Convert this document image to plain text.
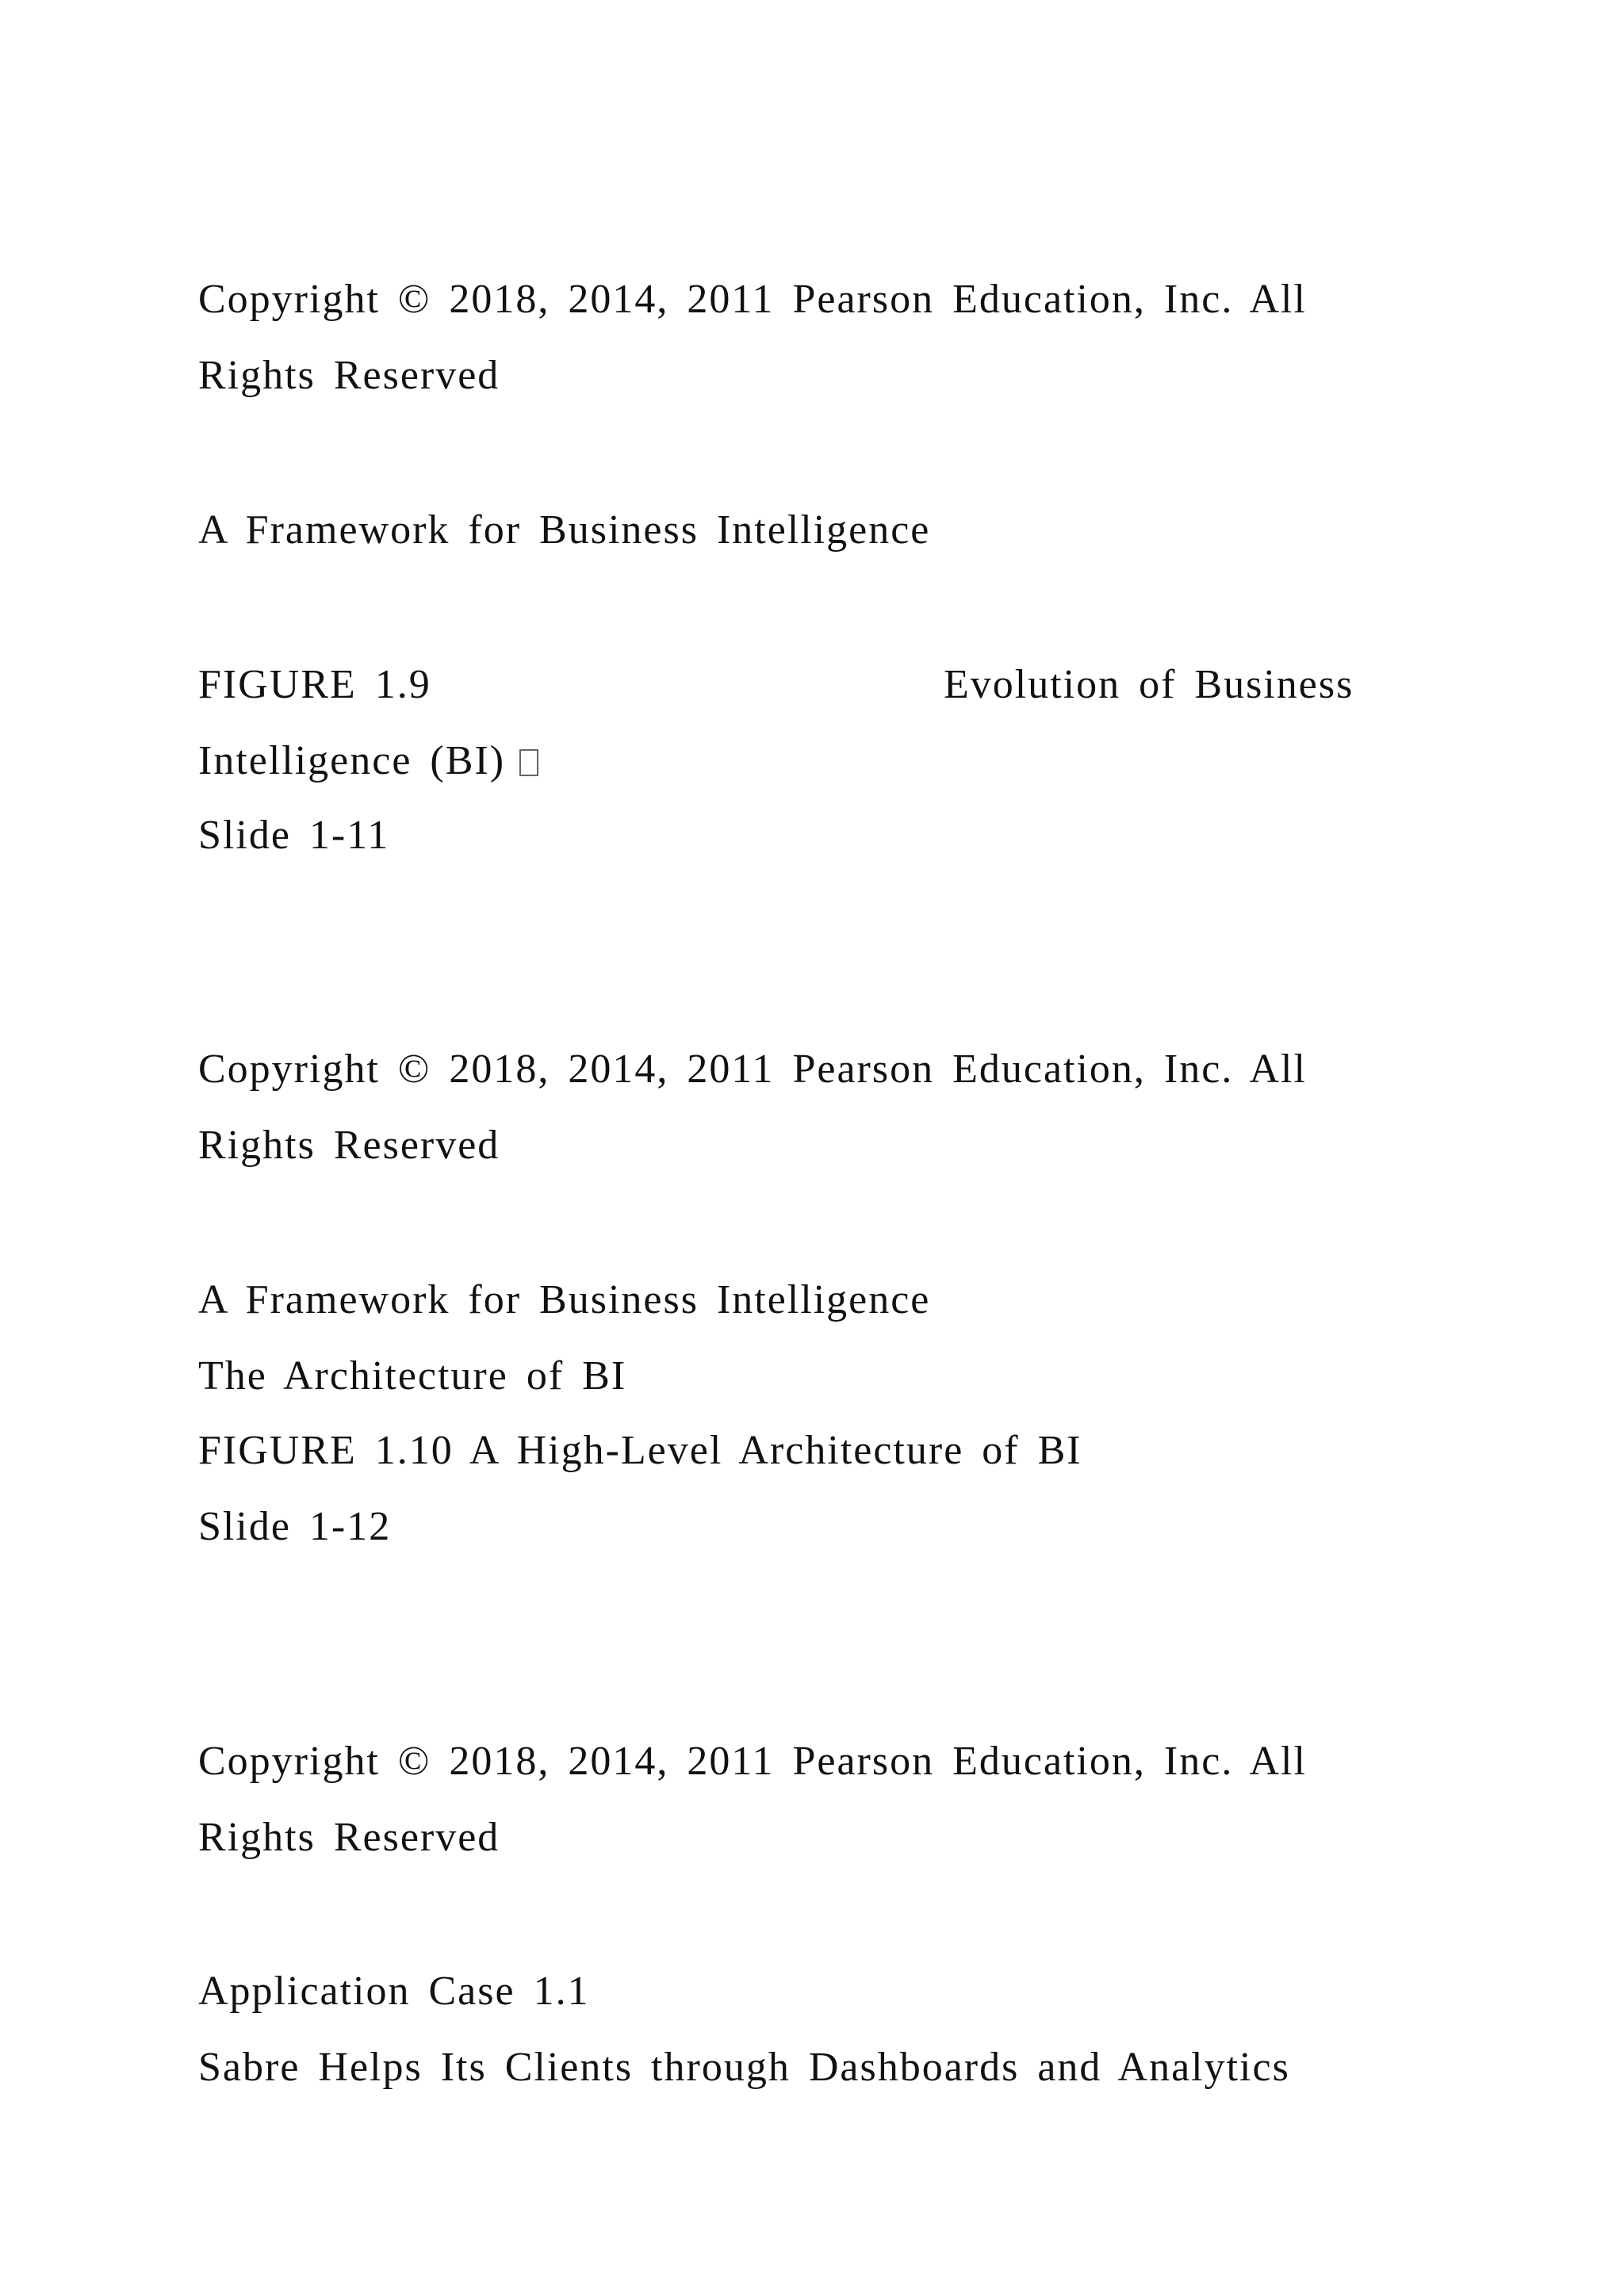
Copyright © 2018, 2014, 2011 Pearson Education, Inc. All
Rights Reserved
A Framework for Business Intelligence
FIGURE 1.9	Evolution of Business
Intelligence (BI)
Slide 1-11
Copyright © 2018, 2014, 2011 Pearson Education, Inc. All
Rights Reserved
A Framework for Business Intelligence
The Architecture of BI
FIGURE 1.10 A High-Level Architecture of BI
Slide 1-12
Copyright © 2018, 2014, 2011 Pearson Education, Inc. All
Rights Reserved
Application Case 1.1
Sabre Helps Its Clients through Dashboards and Analytics
